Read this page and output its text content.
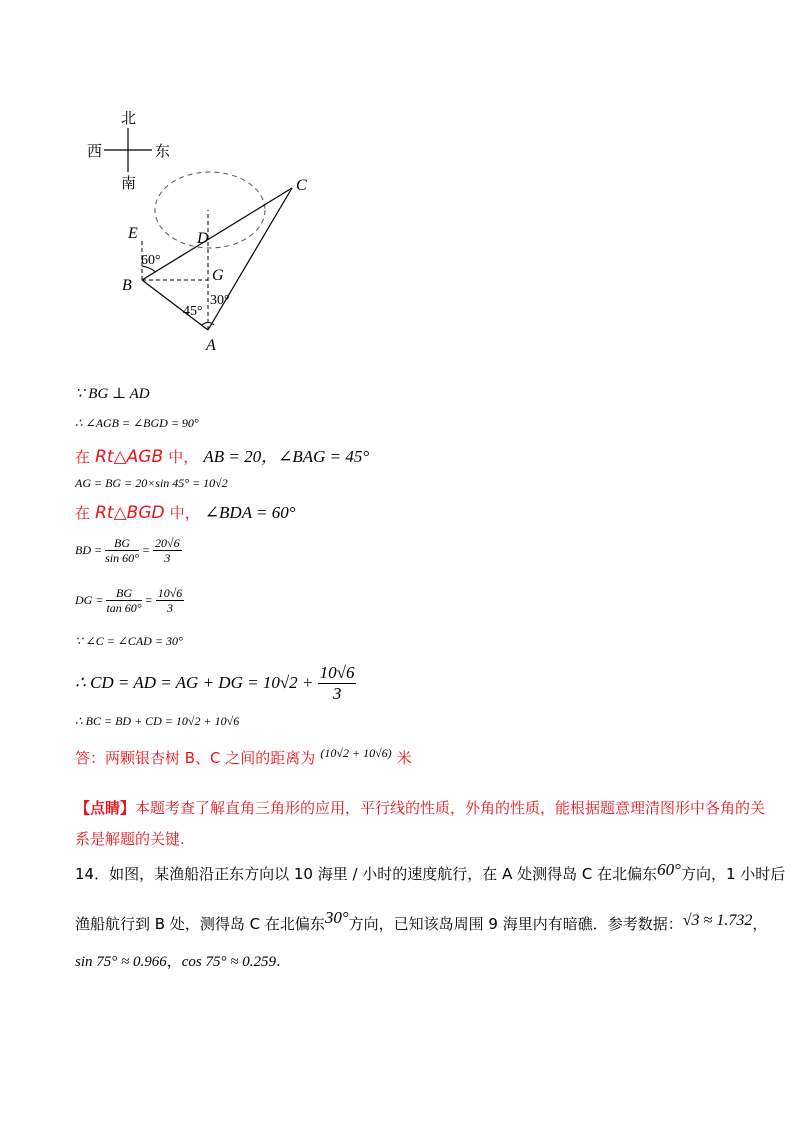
北
南
西	东
C
E	D
B
G
A
60°
45°
30°
∵ BG ⊥ AD
∴ ∠AGB = ∠BGD = 90°
在 Rt△AGB 中， AB = 20，∠BAG = 45°
AG = BG = 20×sin 45° = 10√2
在 Rt△BGD 中， ∠BDA = 60°
BD = $\frac{BG}{\sin 60^\circ} = \frac{20√6}{3}$
DG = $\frac{BG}{\tan 60^\circ} = \frac{10√6}{3}$
∵ ∠C = ∠CAD = 30°
∴ CD = AD = AG + DG = $10√2 + \frac{10√6}{3}$
∴ BC = BD + CD = 10√2 + 10√6
答：两颗银杏树 B、C 之间的距离为 $^{(10√2 + 10√6)}$ 米
【点睛】本题考查了解直角三角形的应用，平行线的性质，外角的性质，能根据题意理清图形中各角的关
系是解题的关键.
14．如图，某渔船沿正东方向以 10 海里 / 小时的速度航行，在 A 处测得岛 C 在北偏东60°方向，1 小时后
渔船航行到 B 处，测得岛 C 在北偏东30°方向，已知该岛周围 9 海里内有暗礁．参考数据：√3 ≈ 1.732，
sin 75° ≈ 0.966，cos 75° ≈ 0.259.
